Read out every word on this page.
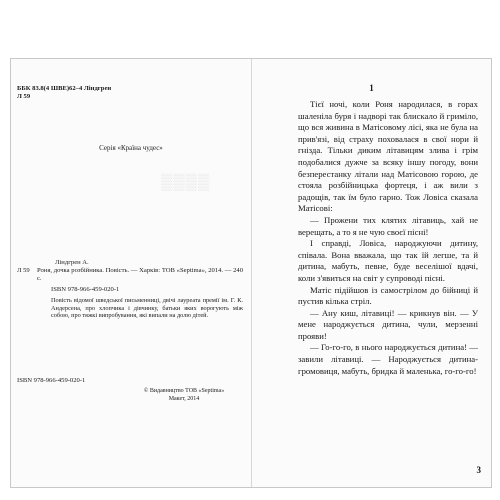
ББК 83.8(4 ШВЕ)62–4 Ліндгрен
Л 59
▒▒▒▒
Серія «Країна чудес»
Ліндгрен А.
Л 59	Роня, дочка розбійника. Повість. — Харків: ТОВ «Septima», 2014. — 240 с.
ISBN 978-966-459-020-1
Повість відомої шведської письменниці, двічі лауреата премії ім. Г. К. Андерсена, про хлопчика і дівчинку, батьки яких ворогують між собою, про тяжкі випробування, які випали на долю дітей.
ISBN 978-966-459-020-1
© Видавництво ТОВ «Septima»
Макет, 2014
1

Тієї ночі, коли Роня народилася, в горах шаленіла буря і надворі так блискало й гриміло, що вся живина в Матісовому лісі, яка не була на прив'язі, від страху поховалася в свої нори й гнізда. Тільки диким літавицям злива і грім подобалися дужче за всяку іншу погоду, вони безперестанку літали над Матісовою горою, де стояла розбійницька фортеця, і аж вили з радощів, так їм було гарно. Тож Ловіса сказала Матісові:

— Прожени тих клятих літавиць, хай не верещать, а то я не чую своєї пісні!

І справді, Ловіса, народжуючи дитину, співала. Вона вважала, що так їй легше, та й дитина, мабуть, певне, буде веселішої вдачі, коли з'явиться на світ у супроводі пісні.

Матіс підійшов із самострілом до бійниці й пустив кілька стріл.

— Ану киш, літавиці! — крикнув він. — У мене народжується дитина, чули, мерзенні прояви!

— Го-го-го, в нього народжується дитина! — завили літавиці. — Народжується дитина-громовиця, мабуть, бридка й маленька, го-го-го!

3
